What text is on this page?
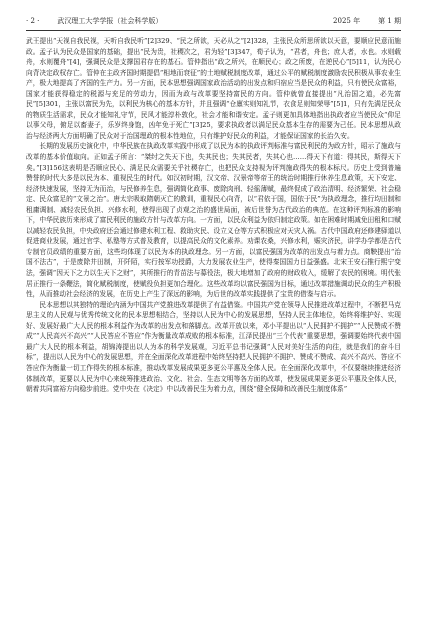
· 2 ·	武汉理工大学学报（社会科学版）	2025 年	第 1 期

武王提出“天视自我民视，天听自我民听”[2]329、“民之所欲，天必从之”[2]328，主张民众所思所欲以天意，要顺应民意而施政。孟子认为民众是国家的基础，提出“民为贵，社稷次之，君为轻”[3]347，荀子认为，“君者，舟也；庶人者，水也。水则载舟，水则覆舟”[4]，强调民众是支撑国君存在的基石。管仲指出“政之所兴，在顺民心；政之所废，在逆民心”[5]11，认为民心向背决定政权存亡。管仲在主政齐国时期提倡“相地而衰征”的土地赋税制度改革，通过公平的赋税制度激励农民积极从事农业生产，极大地提高了齐国的生产力。另一方面，民本思想强调国家政治活动的出发点和归宿应当是民众的利益，只有使民众富裕，国家才能获得稳定的税源与充足的劳动力，因而为政与改革要坚持富民的方向。管仲就曾直接提出“凡治国之道，必先富民”[5]301，主张以富民为先，以利民为核心的基本方针，并且强调“仓廪实则知礼节，衣食足则知荣辱”[5]1，只有先满足民众的物质生活需求，民众才能知礼守节，民风才能淳朴敦化，社会才能和谐安定。孟子则更加具体地指出执政者应当使民众“仰足以事父母，俯足以畜妻子，乐岁终身饱，凶年免于死亡”[3]25，要求执政者以满足民众基本生存的需要为己任。民本思想从政治与经济两大方面明确了民众对于治国理政的根本性地位，只有维护好民众的利益，才能保证国家的长治久安。

长期的发展历史演化中，中华民族在执政改革实践中形成了以民为本的执政评判标准与富民利民的为政方针，昭示了施政与改革的基本价值取向。正如孟子所言：“桀纣之失天下也，失其民也；失其民者，失其心也……得天下有道：得其民，斯得天下矣。”[3]156这表明是否顺应民心、满足民众需要关乎社稷存亡，也把民众支持视为评判施政得失的根本标尺。历史上受到普遍赞誉的时代大多是以民为本、重视民生的时代。如汉初时期，汉文帝、汉景帝等帝王的统治时期推行休养生息政策，天下安定、经济快速发展，坚持无为而治，与民修养生息，强调简化政事、废除肉刑、轻徭薄赋，最终促成了政治清明、经济繁荣、社会稳定、民众富足的“文景之治”。唐太宗吸取隋朝灭亡的教训，重视民心向背，以“君依于国，国依于民”为执政理念，推行均田制和租庸调制、减轻农民负担、兴修水利，使得出现了贞观之治的盛世局面，被后世誉为古代政治的典范。在这种评判标准的影响下，中华民族历来形成了富民利民的施政方针与改革方向。一方面，以民众利益为依归制定政策。如在困难时期减免田租和口赋以减轻农民负担，中央政府还会通过修建水利工程、救助灾民、设立义仓等方式积极应对天灾人祸。古代中国政府还修建驿道以促进商业发展，通过官学、私塾等方式普及教育，以提高民众的文化素养。劝课农桑，兴修水利，赈灾济民，讲学办学都是古代专制官员政绩的重要方面，这些均体现了以民为本的执政理念。另一方面，以富民强国为改革的出发点与着力点。商鞅提出“治国不法古”，于是废除井田制，开阡陌，实行按军功授爵，大力发展农业生产，使得秦国国力日益强盛。北宋王安石推行熙宁变法，强调“因天下之力以生天下之财”，其所推行的青苗法与募役法，极大地增加了政府的财政收入，缓解了农民的困境。明代张居正推行一条鞭法，简化赋税制度，使赋役负担更加合理化。这些改革均以富民强国为目标，通过改革措施调动民众的生产积极性，从而推动社会经济的发展，在历史上产生了深远的影响，为后世的改革实践提供了宝贵的借鉴与启示。

民本思想以其独特的理论内涵为中国共产党推进改革提供了有益借鉴。中国共产党在领导人民推进改革过程中，不断把马克思主义的人民观与优秀传统文化的民本思想相结合，坚持以人民为中心的发展思想，坚持人民主体地位，始终将维护好、实现好、发展好最广大人民的根本利益作为改革的出发点和落脚点。改革开放以来，邓小平提出以“人民拥护不拥护”“人民赞成不赞成”“人民高兴不高兴”“人民答应不答应”作为衡量改革成败的根本标准，江泽民提出“三个代表”重要思想，强调要始终代表中国最广大人民的根本利益，胡锦涛提出以人为本的科学发展观，习近平总书记强调“人民对美好生活的向往，就是我们的奋斗目标”，提出以人民为中心的发展思想，并在全面深化改革进程中始终坚持把人民拥护不拥护、赞成不赞成、高兴不高兴、答应不答应作为衡量一切工作得失的根本标准，推动改革发展成果更多更公平惠及全体人民。在全面深化改革中，不仅要继续推进经济体制改革，更要以人民为中心来统筹推进政治、文化、社会、生态文明等各方面的改革，使发展成果更多更公平惠及全体人民，朝着共同富裕方向稳步前进。党中央在《决定》中以改善民生为着力点，围绕“健全保障和改善民生制度体系”
